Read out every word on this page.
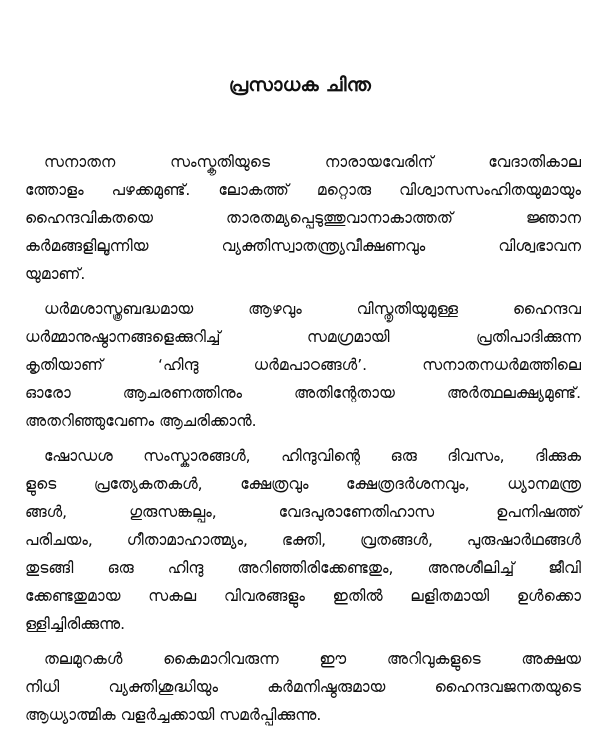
പ്രസാധക ചിന്ത

സനാതന സംസ്കൃതിയുടെ നാരായവേരിന് വേദാതികാല
ത്തോളം പഴക്കമുണ്ട്. ലോകത്ത് മറ്റൊരു വിശ്വാസസംഹിതയുമായും
ഹൈന്ദവികതയെ താരതമ്യപ്പെടുത്തുവാനാകാത്തത് ജ്ഞാന
കർമങ്ങളിലൂന്നിയ വ്യക്തിസ്വാതന്ത്ര്യവീക്ഷണവും വിശ്വഭാവന
യുമാണ്.

ധർമശാസ്ത്രബദ്ധമായ ആഴവും വിസ്തൃതിയുമുള്ള ഹൈന്ദവ
ധർമ്മാനുഷ്ഠാനങ്ങളെക്കുറിച്ച് സമഗ്രമായി പ്രതിപാദിക്കുന്ന
കൃതിയാണ് ‘ഹിന്ദു ധർമപാഠങ്ങൾ’. സനാതനധർമത്തിലെ
ഓരോ ആചരണത്തിനും അതിന്റേതായ അർത്ഥലക്ഷ്യമുണ്ട്.
അതറിഞ്ഞുവേണം ആചരിക്കാൻ.

ഷോഡശ സംസ്കാരങ്ങൾ, ഹിന്ദുവിന്റെ ഒരു ദിവസം, ദിക്കുക
ളുടെ പ്രത്യേകതകൾ, ക്ഷേത്രവും ക്ഷേത്രദർശനവും, ധ്യാനമന്ത്ര
ങ്ങൾ, ഗുരുസങ്കല്പം, വേദപുരാണേതിഹാസ ഉപനിഷത്ത്
പരിചയം, ഗീതാമാഹാത്മ്യം, ഭക്തി, വ്രതങ്ങൾ, പുരുഷാർഥങ്ങൾ
തുടങ്ങി ഒരു ഹിന്ദു അറിഞ്ഞിരിക്കേണ്ടതും, അനുശീലിച്ച് ജീവി
ക്കേണ്ടതുമായ സകല വിവരങ്ങളും ഇതിൽ ലളിതമായി ഉൾക്കൊ
ള്ളിച്ചിരിക്കുന്നു.

തലമുറകൾ കൈമാറിവരുന്ന ഈ അറിവുകളുടെ അക്ഷയ
നിധി വ്യക്തിശുദ്ധിയും കർമനിഷ്ഠരുമായ ഹൈന്ദവജനതയുടെ
ആധ്യാത്മിക വളർച്ചക്കായി സമർപ്പിക്കുന്നു.
